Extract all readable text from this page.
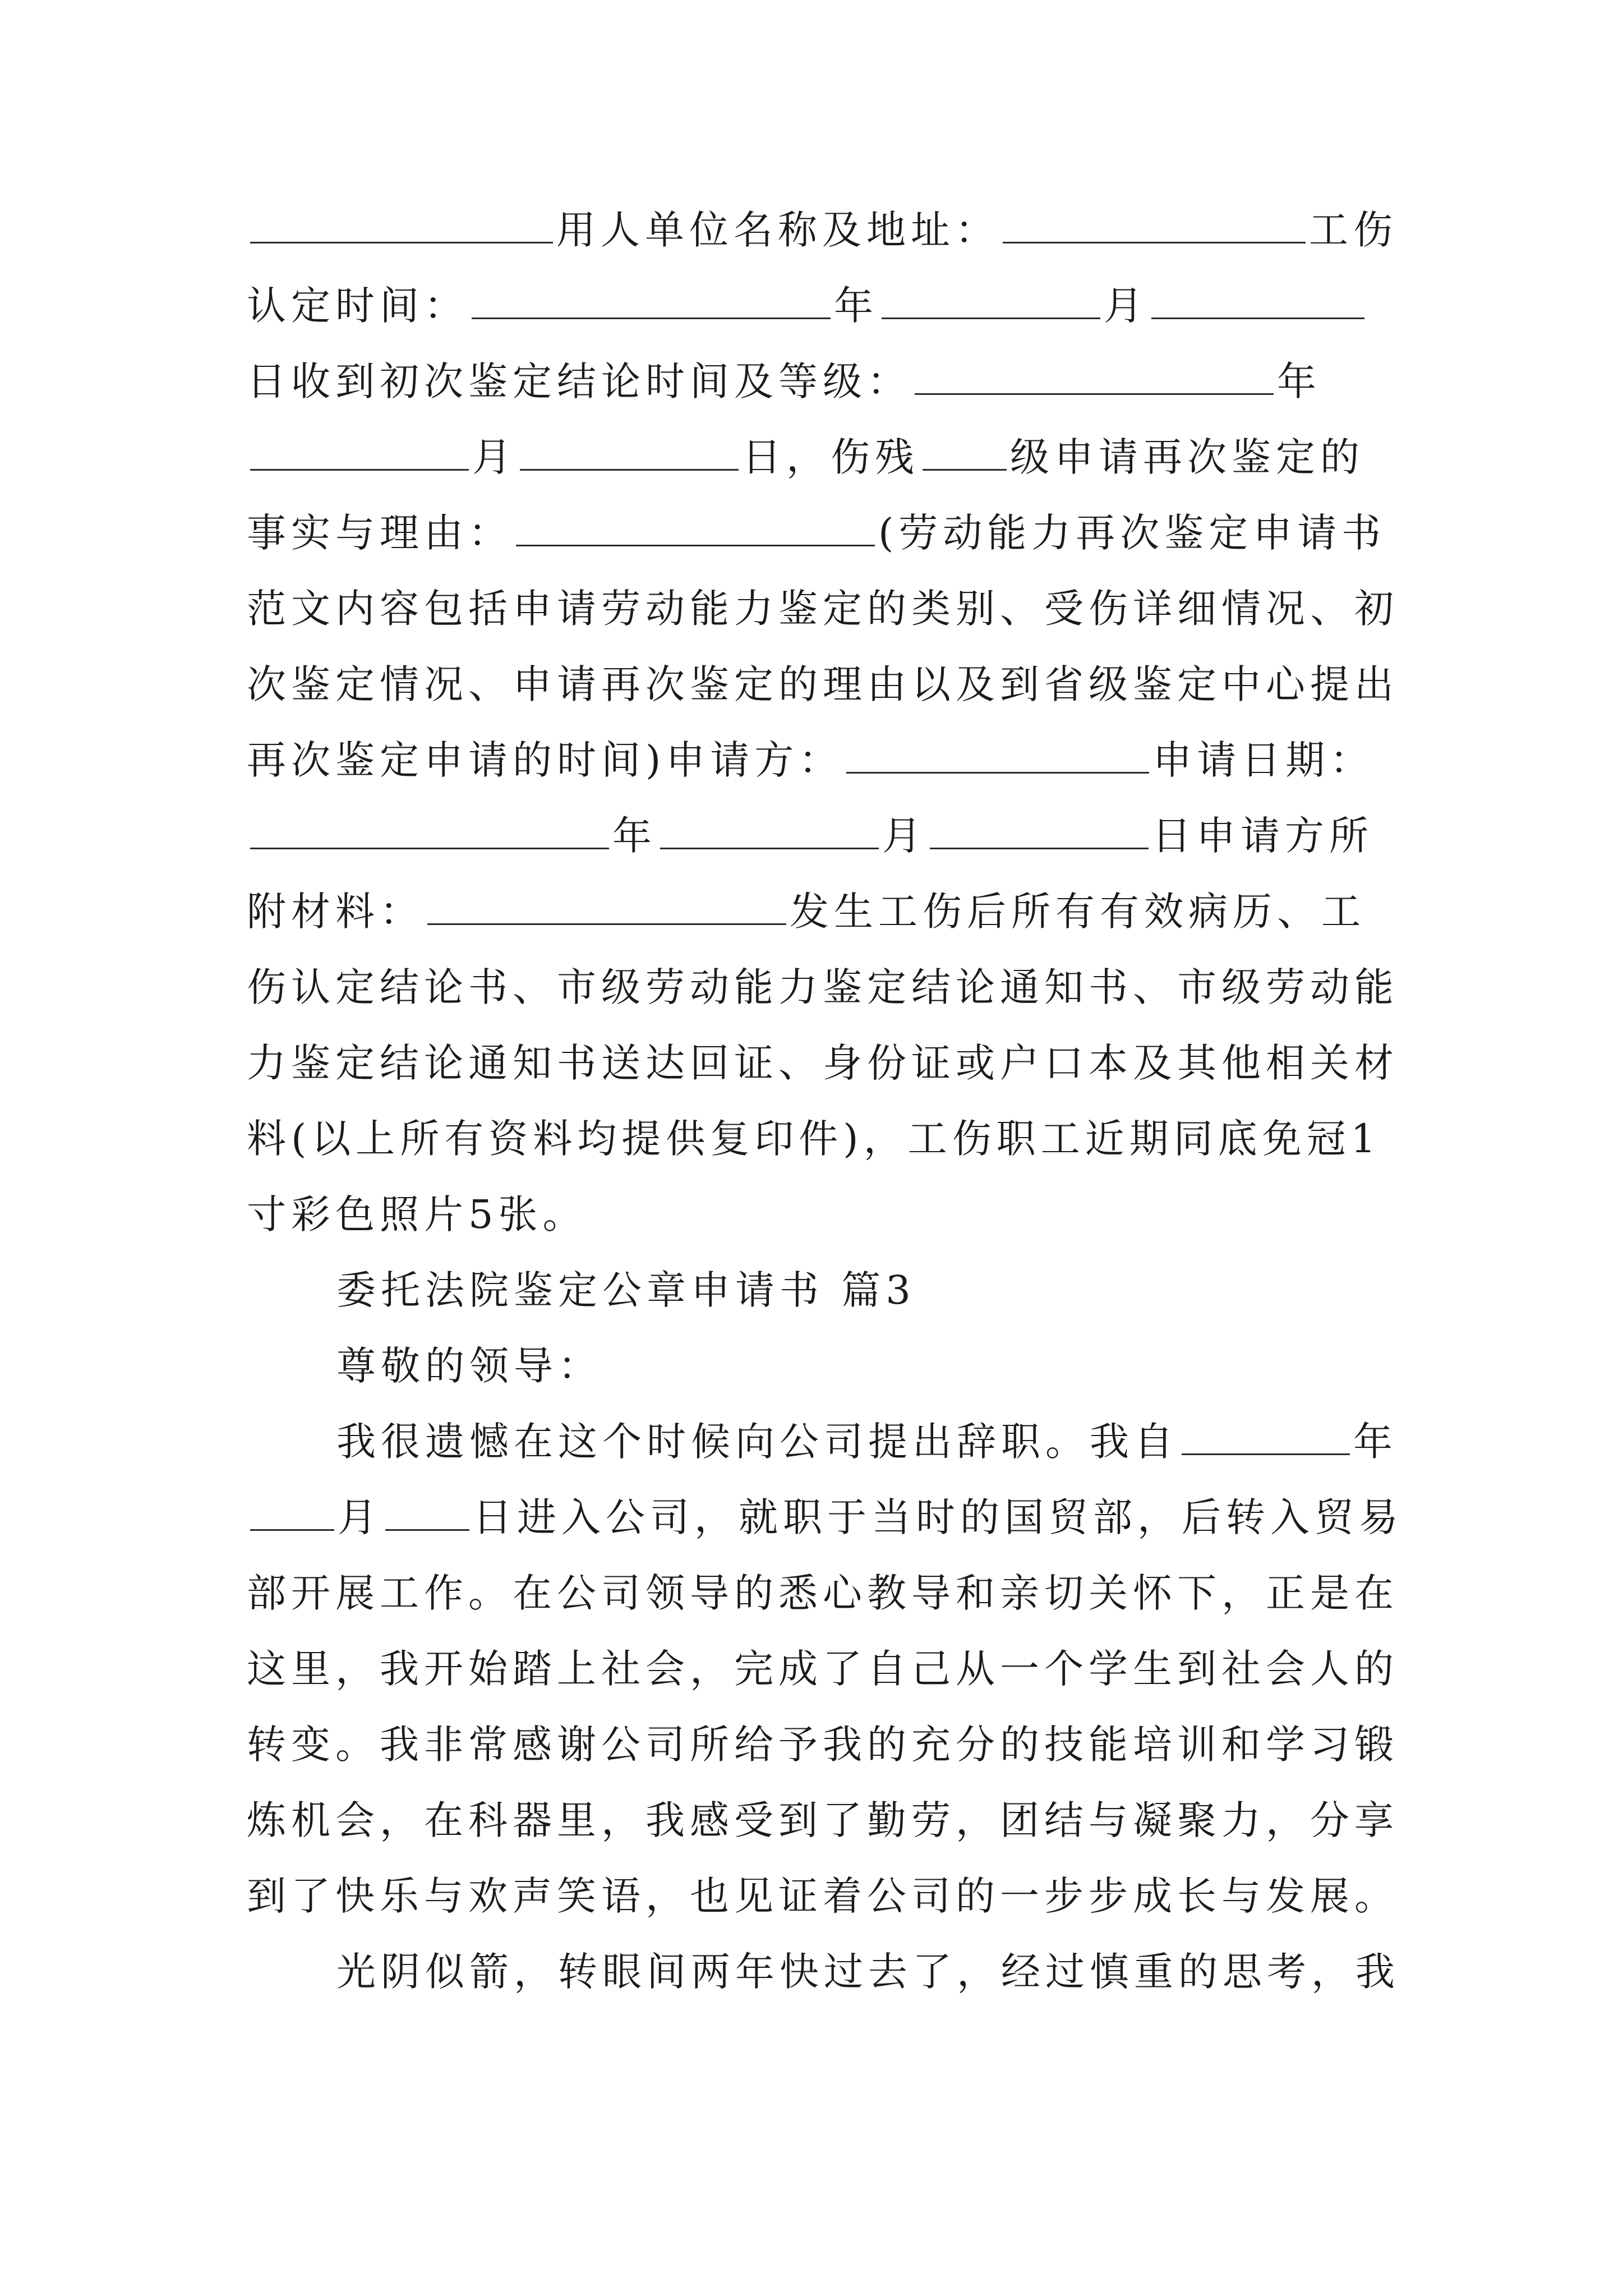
用人单位名称及地址：	工伤
认定时间：	年	月
日收到初次鉴定结论时间及等级：	年
月	日，伤残 级申请再次鉴定的
事实与理由：	(劳动能力再次鉴定申请书
范文内容包括申请劳动能力鉴定的类别、受伤详细情况、初
次鉴定情况、申请再次鉴定的理由以及到省级鉴定中心提出
再次鉴定申请的时间)申请方：	申请日期：
年	月	日申请方所
附材料：	发生工伤后所有有效病历、工
伤认定结论书、市级劳动能力鉴定结论通知书、市级劳动能
力鉴定结论通知书送达回证、身份证或户口本及其他相关材
料(以上所有资料均提供复印件)，工伤职工近期同底免冠1
寸彩色照片5张。
委托法院鉴定公章申请书 篇3
尊敬的领导：
我很遗憾在这个时候向公司提出辞职。我自	年
月 日进入公司，就职于当时的国贸部，后转入贸易
部开展工作。在公司领导的悉心教导和亲切关怀下，正是在
这里，我开始踏上社会，完成了自己从一个学生到社会人的
转变。我非常感谢公司所给予我的充分的技能培训和学习锻
炼机会，在科器里，我感受到了勤劳，团结与凝聚力，分享
到了快乐与欢声笑语，也见证着公司的一步步成长与发展。
光阴似箭，转眼间两年快过去了，经过慎重的思考，我
